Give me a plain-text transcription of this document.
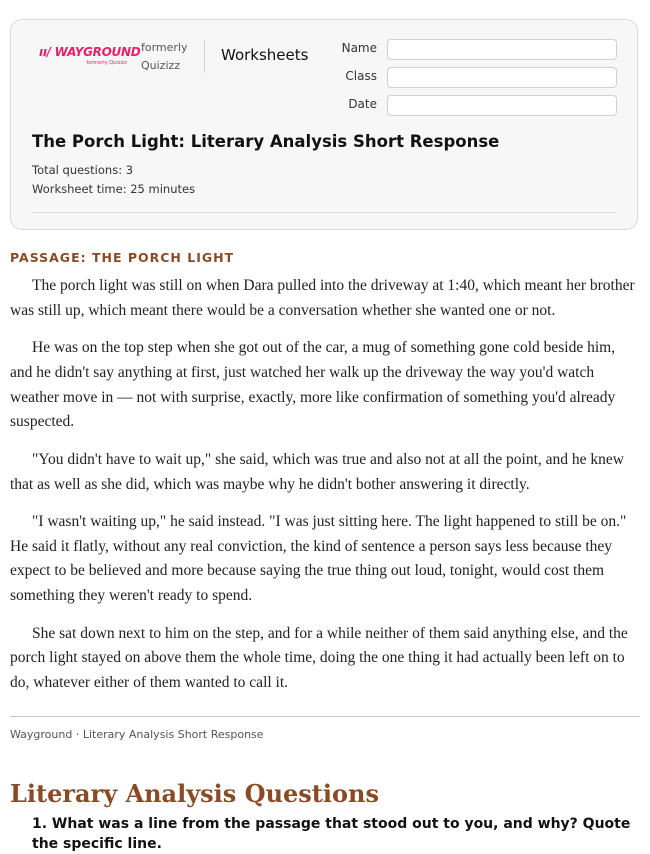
ıı/ WAYGROUND
formerly Quizizz
formerly
Quizizz
Worksheets	Name
Class
Date
The Porch Light: Literary Analysis Short Response
Total questions: 3
Worksheet time: 25 minutes
PASSAGE: THE PORCH LIGHT

The porch light was still on when Dara pulled into the driveway at 1:40, which meant her brother was still up, which meant there would be a conversation whether she wanted one or not.

He was on the top step when she got out of the car, a mug of something gone cold beside him, and he didn't say anything at first, just watched her walk up the driveway the way you'd watch weather move in — not with surprise, exactly, more like confirmation of something you'd already suspected.

"You didn't have to wait up," she said, which was true and also not at all the point, and he knew that as well as she did, which was maybe why he didn't bother answering it directly.

"I wasn't waiting up," he said instead. "I was just sitting here. The light happened to still be on." He said it flatly, without any real conviction, the kind of sentence a person says less because they expect to be believed and more because saying the true thing out loud, tonight, would cost them something they weren't ready to spend.

She sat down next to him on the step, and for a while neither of them said anything else, and the porch light stayed on above them the whole time, doing the one thing it had actually been left on to do, whatever either of them wanted to call it.

Wayground · Literary Analysis Short Response
Literary Analysis Questions
1. What was a line from the passage that stood out to you, and why? Quote the specific line.
